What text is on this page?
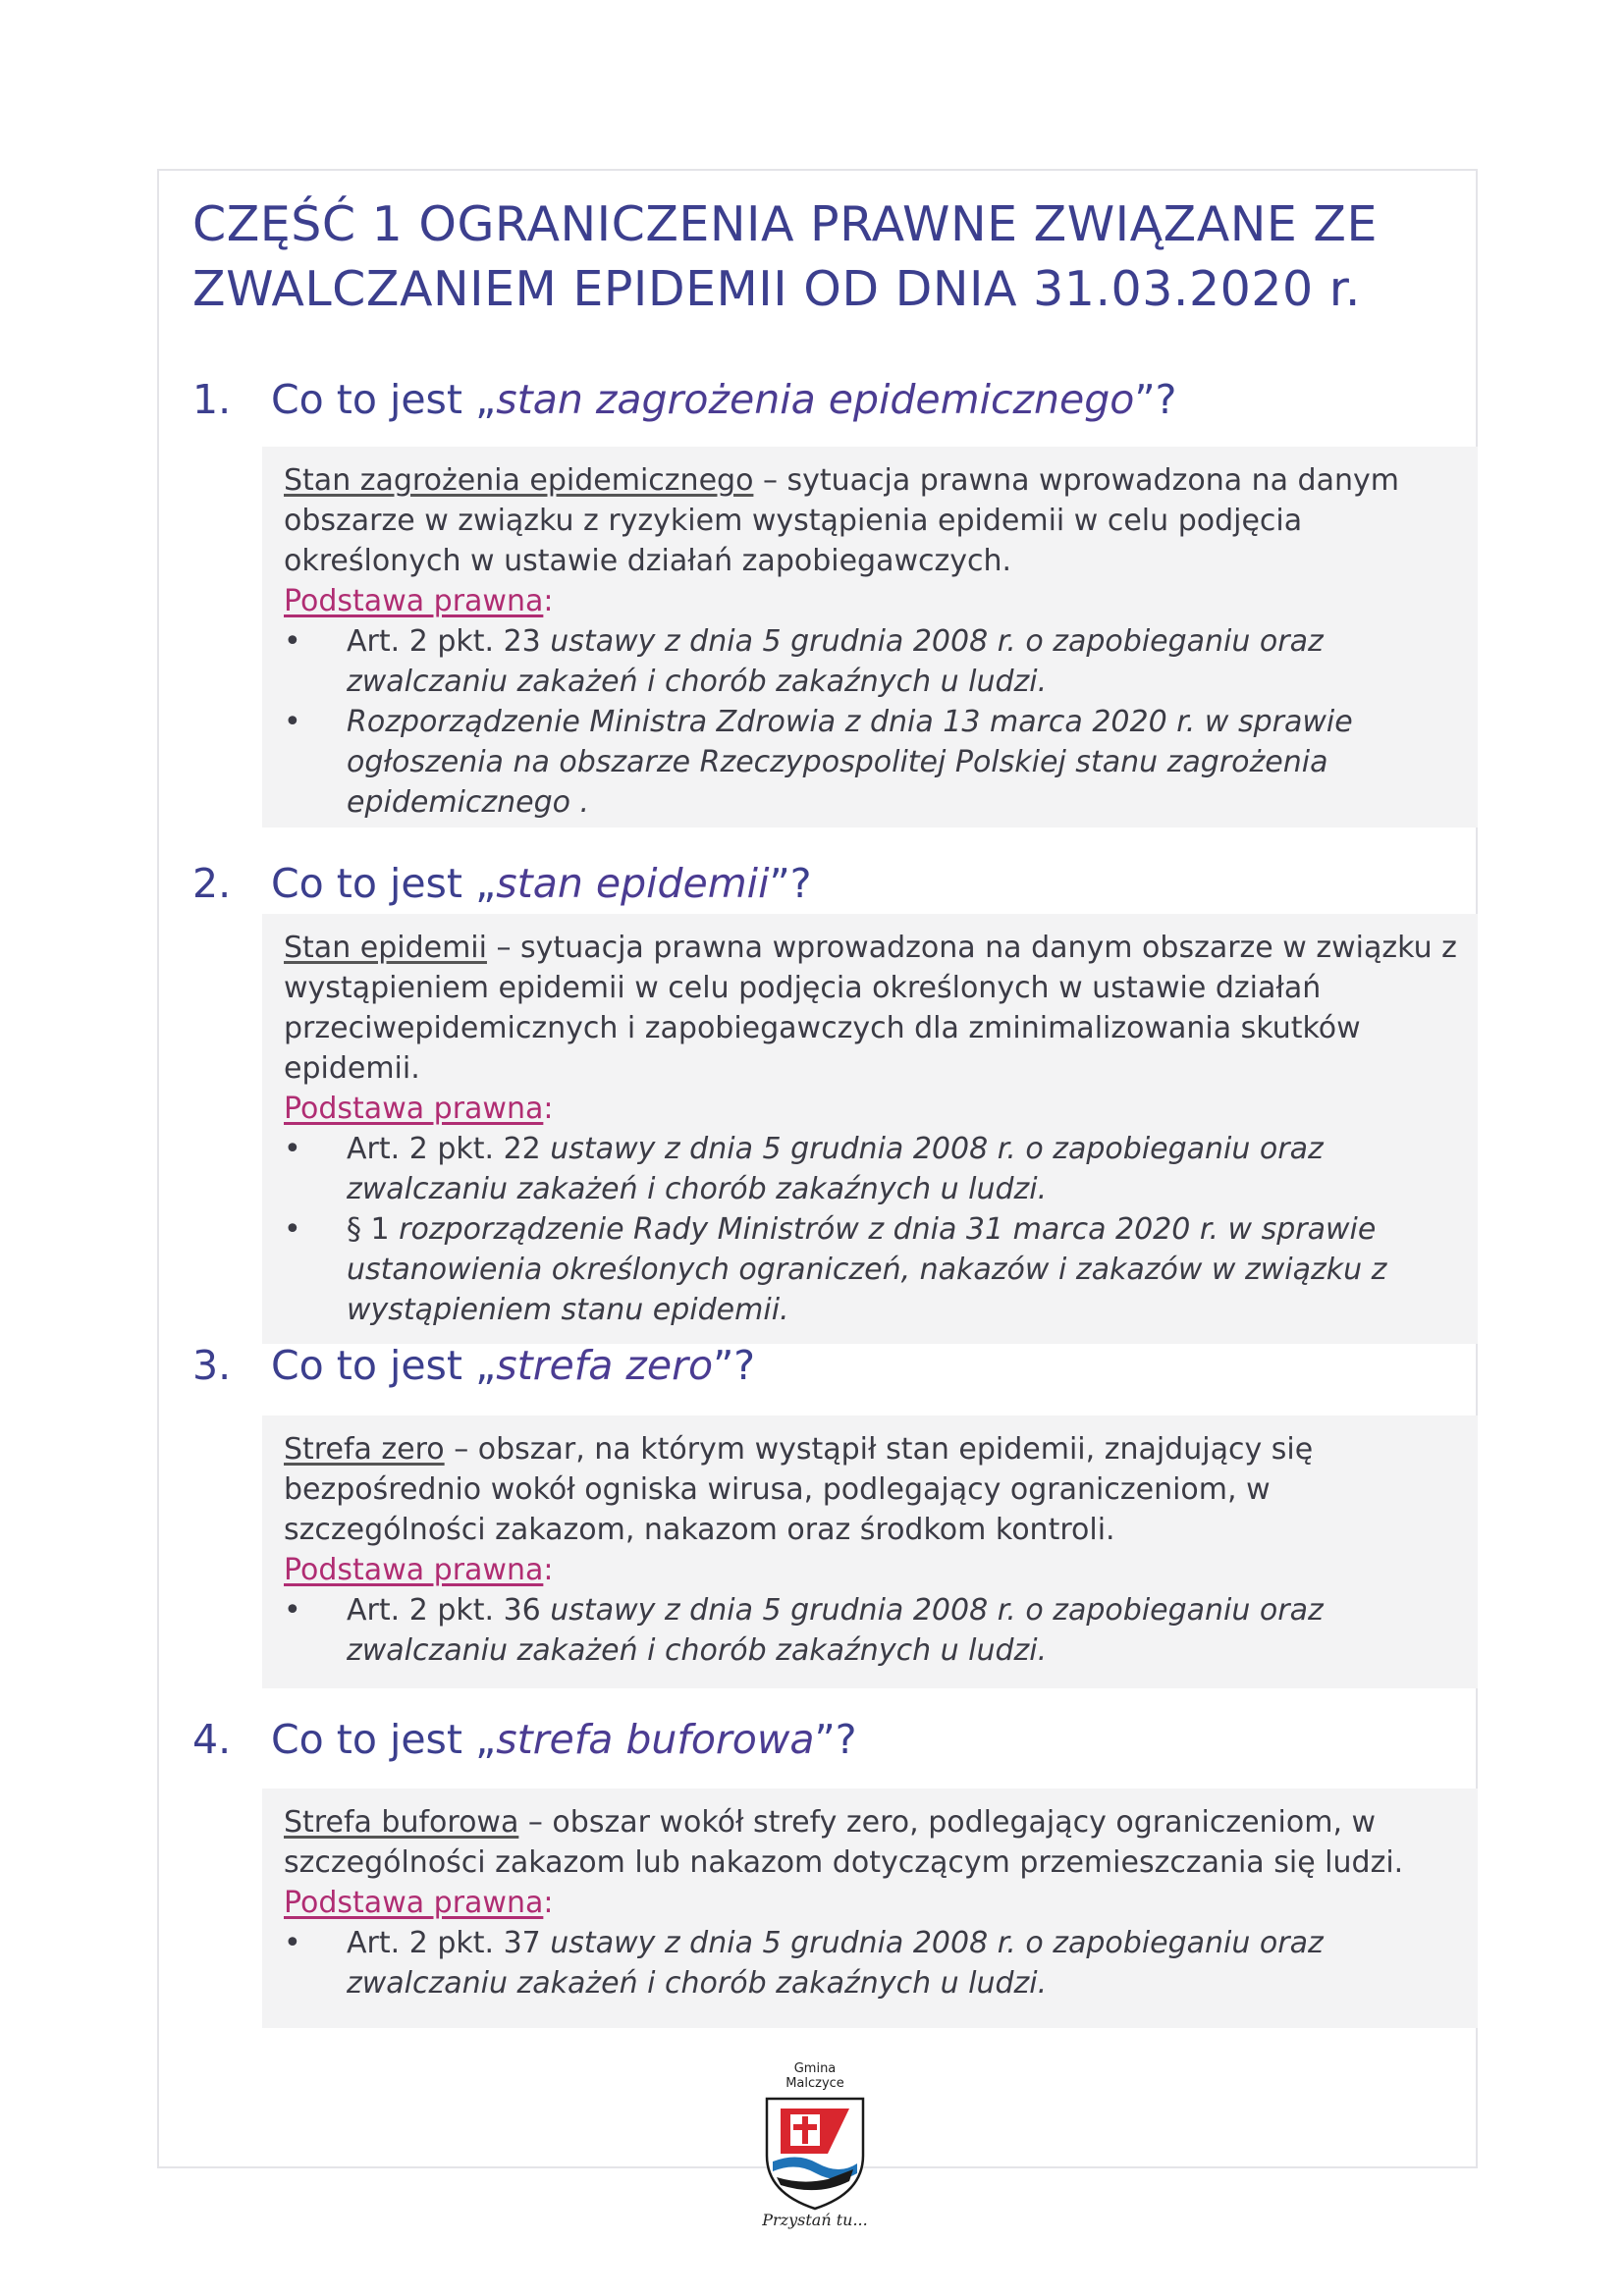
CZĘŚĆ 1 OGRANICZENIA PRAWNE ZWIĄZANE ZE ZWALCZANIEM EPIDEMII OD DNIA 31.03.2020 r.
1. Co to jest „stan zagrożenia epidemicznego”?

Stan zagrożenia epidemicznego – sytuacja prawna wprowadzona na danym obszarze w związku z ryzykiem wystąpienia epidemii w celu podjęcia określonych w ustawie działań zapobiegawczych.

Podstawa prawna:

• Art. 2 pkt. 23 ustawy z dnia 5 grudnia 2008 r. o zapobieganiu oraz zwalczaniu zakażeń i chorób zakaźnych u ludzi.
• Rozporządzenie Ministra Zdrowia z dnia 13 marca 2020 r. w sprawie ogłoszenia na obszarze Rzeczypospolitej Polskiej stanu zagrożenia epidemicznego .
2. Co to jest „stan epidemii”?

Stan epidemii – sytuacja prawna wprowadzona na danym obszarze w związku z wystąpieniem epidemii w celu podjęcia określonych w ustawie działań przeciwepidemicznych i zapobiegawczych dla zminimalizowania skutków epidemii.

Podstawa prawna:

• Art. 2 pkt. 22 ustawy z dnia 5 grudnia 2008 r. o zapobieganiu oraz zwalczaniu zakażeń i chorób zakaźnych u ludzi.
• § 1 rozporządzenie Rady Ministrów z dnia 31 marca 2020 r. w sprawie ustanowienia określonych ograniczeń, nakazów i zakazów w związku z wystąpieniem stanu epidemii.
3. Co to jest „strefa zero”?

Strefa zero – obszar, na którym wystąpił stan epidemii, znajdujący się bezpośrednio wokół ogniska wirusa, podlegający ograniczeniom, w szczególności zakazom, nakazom oraz środkom kontroli.

Podstawa prawna:

• Art. 2 pkt. 36 ustawy z dnia 5 grudnia 2008 r. o zapobieganiu oraz zwalczaniu zakażeń i chorób zakaźnych u ludzi.
4. Co to jest „strefa buforowa”?

Strefa buforowa – obszar wokół strefy zero, podlegający ograniczeniom, w szczególności zakazom lub nakazom dotyczącym przemieszczania się ludzi.

Podstawa prawna:

• Art. 2 pkt. 37 ustawy z dnia 5 grudnia 2008 r. o zapobieganiu oraz zwalczaniu zakażeń i chorób zakaźnych u ludzi.
Gmina
Malczyce
Przystań tu...
